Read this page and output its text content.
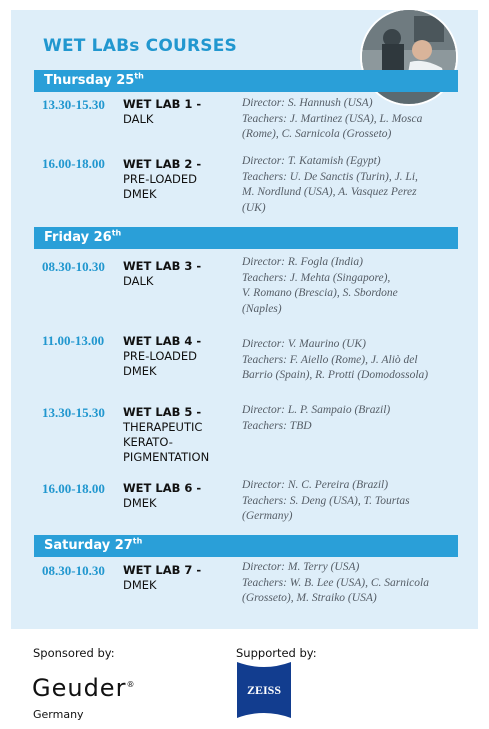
WET LABs COURSES
Thursday 25th
Friday 26th
Saturday 27th
13.30-15.30 WET LAB 1 -
DALK
Director: S. Hannush (USA)
Teachers: J. Martinez (USA), L. Mosca
(Rome), C. Sarnicola (Grosseto)
16.00-18.00 WET LAB 2 -
PRE-LOADED
DMEK
Director: T. Katamish (Egypt)
Teachers: U. De Sanctis (Turin), J. Li,
M. Nordlund (USA), A. Vasquez Perez
(UK)
08.30-10.30 WET LAB 3 -
DALK
Director: R. Fogla (India)
Teachers: J. Mehta (Singapore),
V. Romano (Brescia), S. Sbordone
(Naples)
11.00-13.00 WET LAB 4 -
PRE-LOADED
DMEK
Director: V. Maurino (UK)
Teachers: F. Aiello (Rome), J. Aliò del
Barrio (Spain), R. Protti (Domodossola)
13.30-15.30 WET LAB 5 -
THERAPEUTIC
KERATO-
PIGMENTATION
Director: L. P. Sampaio (Brazil)
Teachers: TBD
16.00-18.00 WET LAB 6 -
DMEK
Director: N. C. Pereira (Brazil)
Teachers: S. Deng (USA), T. Tourtas
(Germany)
08.30-10.30 WET LAB 7 -
DMEK
Director: M. Terry (USA)
Teachers: W. B. Lee (USA), C. Sarnicola
(Grosseto), M. Straiko (USA)
Sponsored by:	Supported by:
Geuder®
Germany
ZEISS
